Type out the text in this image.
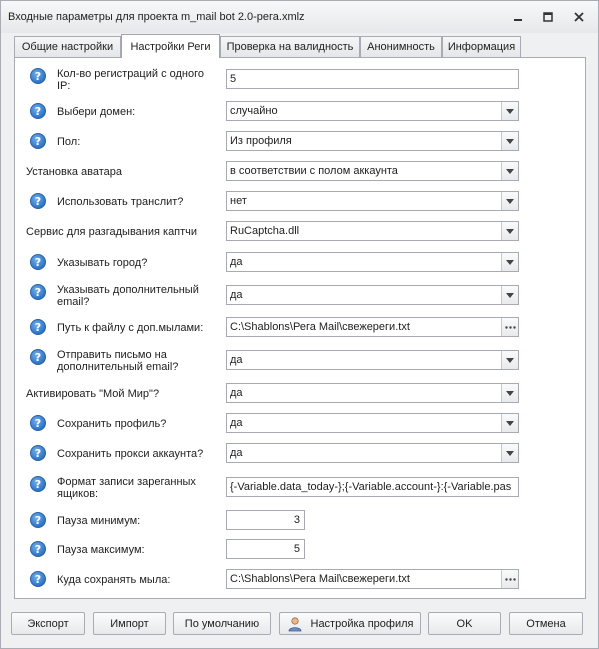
Входные параметры для проекта m_mail bot 2.0-рега.xmlz
Общие настройки	Настройки Реги	Проверка на валидность	Анонимность	Информация
?	Кол-во регистраций с одного IP:
5
?	Выбери домен:	случайно
?	Пол:	Из профиля
Установка аватара	в соответствии с полом аккаунта
?	Использовать транслит?	нет
Сервис для разгадывания каптчи	RuCaptcha.dll
?	Указывать город?	да
?	Указывать дополнительный email?
да
?	Путь к файлу с доп.мылами:	C:\Shablons\Рега Mail\свежереги.txt
?	Отправить письмо на дополнительный email?
да
Активировать "Мой Мир"?	да
?	Сохранить профиль?	да
?	Сохранить прокси аккаунта?	да
?	Формат записи зареганных ящиков:
{-Variable.data_today-};{-Variable.account-}:{-Variable.pas
?	Пауза минимум:	3
?	Пауза максимум:	5
?	Куда сохранять мыла:	C:\Shablons\Рега Mail\свежереги.txt
Экспорт	Импорт	По умолчанию	Настройка профиля	OK	Отмена
